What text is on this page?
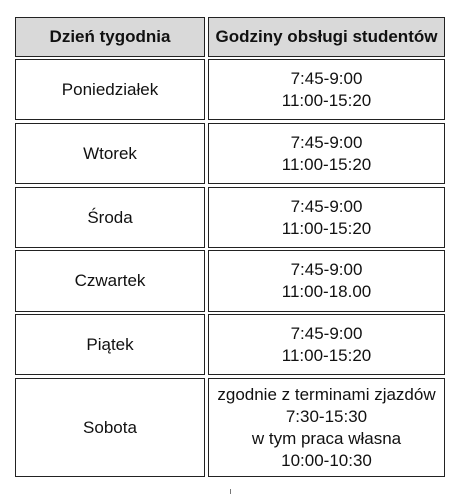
Dzień tygodnia	Godziny obsługi studentów
Poniedziałek
7:45-9:00
11:00-15:20
Wtorek
7:45-9:00
11:00-15:20
Środa
7:45-9:00
11:00-15:20
Czwartek
7:45-9:00
11:00-18.00
Piątek
7:45-9:00
11:00-15:20
Sobota
zgodnie z terminami zjazdów
7:30-15:30
w tym praca własna
10:00-10:30
